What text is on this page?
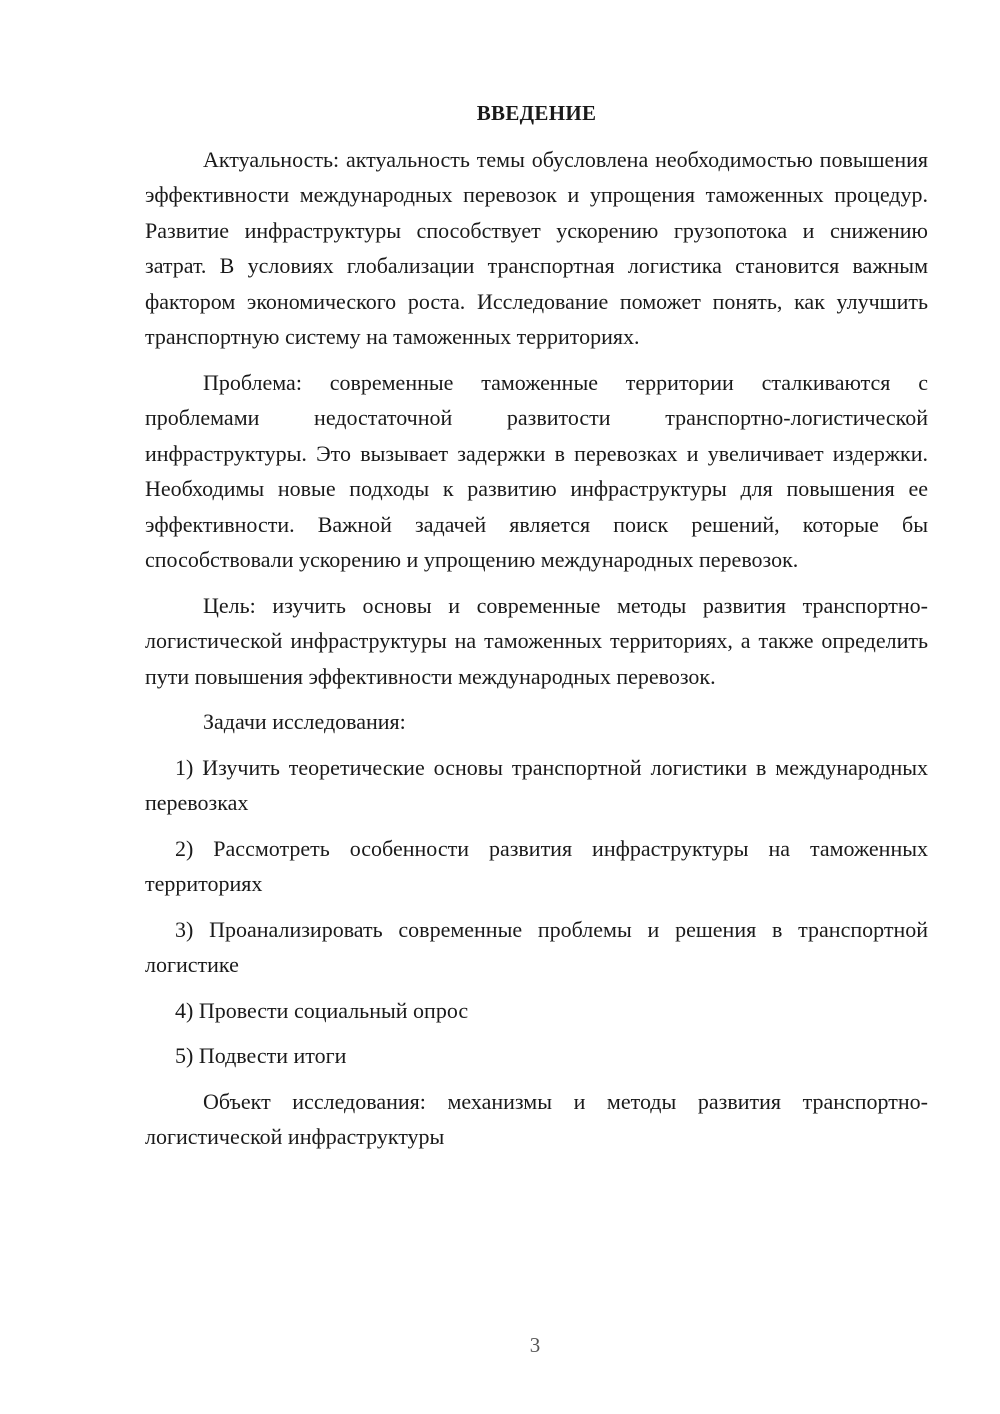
ВВЕДЕНИЕ

Актуальность: актуальность темы обусловлена необходимостью повышения эффективности международных перевозок и упрощения таможенных процедур. Развитие инфраструктуры способствует ускорению грузопотока и снижению затрат. В условиях глобализации транспортная логистика становится важным фактором экономического роста. Исследование поможет понять, как улучшить транспортную систему на таможенных территориях.

Проблема: современные таможенные территории сталкиваются с проблемами недостаточной развитости транспортно-логистической инфраструктуры. Это вызывает задержки в перевозках и увеличивает издержки. Необходимы новые подходы к развитию инфраструктуры для повышения ее эффективности. Важной задачей является поиск решений, которые бы способствовали ускорению и упрощению международных перевозок.

Цель: изучить основы и современные методы развития транспортно-логистической инфраструктуры на таможенных территориях, а также определить пути повышения эффективности международных перевозок.

Задачи исследования:

1) Изучить теоретические основы транспортной логистики в международных перевозках

2) Рассмотреть особенности развития инфраструктуры на таможенных территориях

3) Проанализировать современные проблемы и решения в транспортной логистике

4) Провести социальный опрос

5) Подвести итоги

Объект исследования: механизмы и методы развития транспортно-логистической инфраструктуры

3
